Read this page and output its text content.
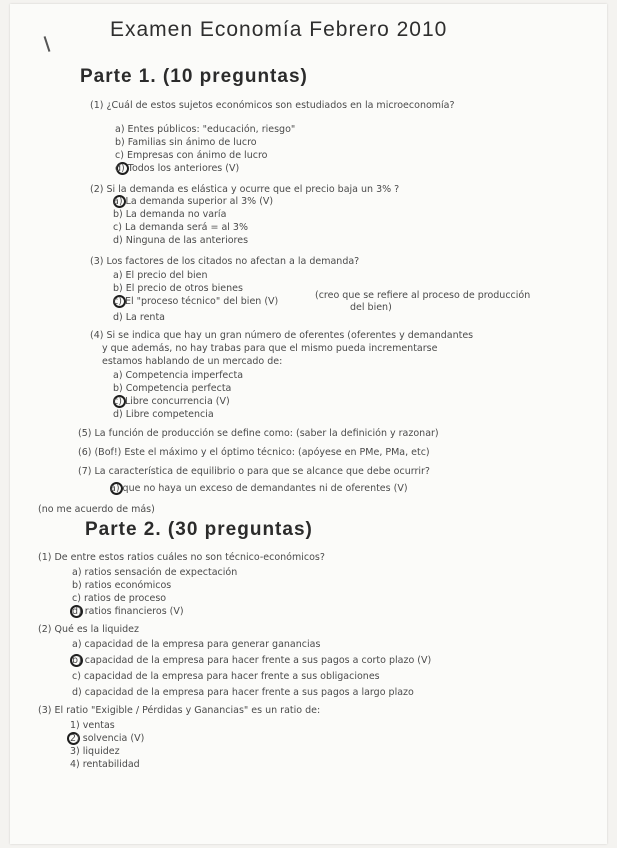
Examen Economía Febrero 2010
Parte 1. (10 preguntas)
(1) ¿Cuál de estos sujetos económicos son estudiados en la microeconomía?
a) Entes públicos: "educación, riesgo"
b) Familias sin ánimo de lucro
c) Empresas con ánimo de lucro
d) Todos los anteriores (V)
(2) Si la demanda es elástica y ocurre que el precio baja un 3% ?
a) La demanda superior al 3% (V)
b) La demanda no varía
c) La demanda será = al 3%
d) Ninguna de las anteriores
(3) Los factores de los citados no afectan a la demanda?
a) El precio del bien
b) El precio de otros bienes
c) El "proceso técnico" del bien (V)
(creo que se refiere al proceso de producción
del bien)
d) La renta
(4) Si se indica que hay un gran número de oferentes (oferentes y demandantes
y que además, no hay trabas para que el mismo pueda incrementarse
estamos hablando de un mercado de:
a) Competencia imperfecta
b) Competencia perfecta
c) Libre concurrencia (V)
d) Libre competencia
(5) La función de producción se define como: (saber la definición y razonar)
(6) (Bof!) Este el máximo y el óptimo técnico: (apóyese en PMe, PMa, etc)
(7) La característica de equilibrio o para que se alcance que debe ocurrir?
a) que no haya un exceso de demandantes ni de oferentes (V)
(no me acuerdo de más)
Parte 2. (30 preguntas)
(1) De entre estos ratios cuáles no son técnico-económicos?
a) ratios sensación de expectación
b) ratios económicos
c) ratios de proceso
d) ratios financieros (V)
(2) Qué es la liquidez
a) capacidad de la empresa para generar ganancias
b) capacidad de la empresa para hacer frente a sus pagos a corto plazo (V)
c) capacidad de la empresa para hacer frente a sus obligaciones
d) capacidad de la empresa para hacer frente a sus pagos a largo plazo
(3) El ratio "Exigible / Pérdidas y Ganancias" es un ratio de:
1) ventas
2) solvencia (V)
3) liquidez
4) rentabilidad
